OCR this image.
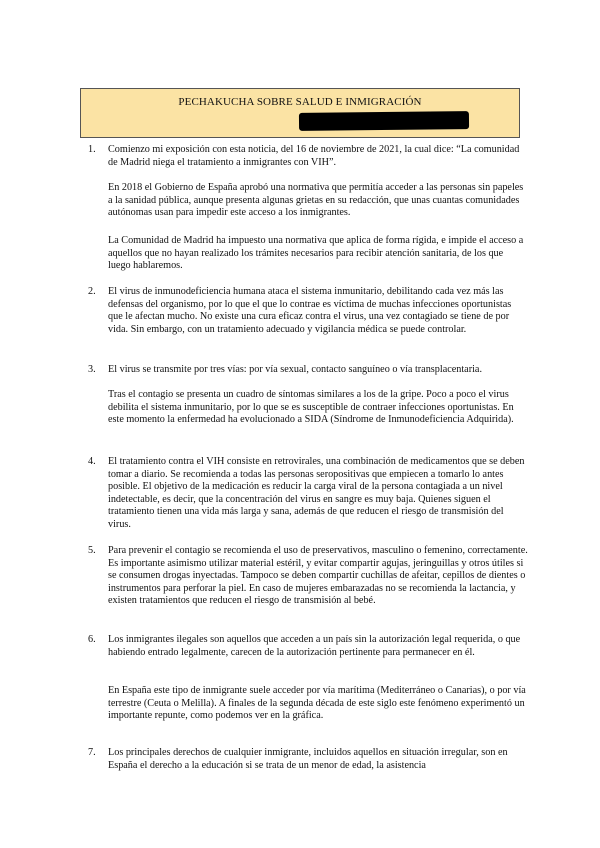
PECHAKUCHA SOBRE SALUD E INMIGRACIÓN
1. Comienzo mi exposición con esta noticia, del 16 de noviembre de 2021, la cual dice: “La comunidad de Madrid niega el tratamiento a inmigrantes con VIH”.

En 2018 el Gobierno de España aprobó una normativa que permitía acceder a las personas sin papeles a la sanidad pública, aunque presenta algunas grietas en su redacción, que unas cuantas comunidades autónomas usan para impedir este acceso a los inmigrantes.

La Comunidad de Madrid ha impuesto una normativa que aplica de forma rígida, e impide el acceso a aquellos que no hayan realizado los trámites necesarios para recibir atención sanitaria, de los que luego hablaremos.

2. El virus de inmunodeficiencia humana ataca el sistema inmunitario, debilitando cada vez más las defensas del organismo, por lo que el que lo contrae es víctima de muchas infecciones oportunistas que le afectan mucho. No existe una cura eficaz contra el virus, una vez contagiado se tiene de por vida. Sin embargo, con un tratamiento adecuado y vigilancia médica se puede controlar.

3. El virus se transmite por tres vías: por vía sexual, contacto sanguíneo o vía transplacentaria.

Tras el contagio se presenta un cuadro de síntomas similares a los de la gripe. Poco a poco el virus debilita el sistema inmunitario, por lo que se es susceptible de contraer infecciones oportunistas. En este momento la enfermedad ha evolucionado a SIDA (Síndrome de Inmunodeficiencia Adquirida).

4. El tratamiento contra el VIH consiste en retrovirales, una combinación de medicamentos que se deben tomar a diario. Se recomienda a todas las personas seropositivas que empiecen a tomarlo lo antes posible. El objetivo de la medicación es reducir la carga viral de la persona contagiada a un nivel indetectable, es decir, que la concentración del virus en sangre es muy baja. Quienes siguen el tratamiento tienen una vida más larga y sana, además de que reducen el riesgo de transmisión del virus.

5. Para prevenir el contagio se recomienda el uso de preservativos, masculino o femenino, correctamente. Es importante asimismo utilizar material estéril, y evitar compartir agujas, jeringuillas y otros útiles si se consumen drogas inyectadas. Tampoco se deben compartir cuchillas de afeitar, cepillos de dientes o instrumentos para perforar la piel. En caso de mujeres embarazadas no se recomienda la lactancia, y existen tratamientos que reducen el riesgo de transmisión al bebé.

6. Los inmigrantes ilegales son aquellos que acceden a un país sin la autorización legal requerida, o que habiendo entrado legalmente, carecen de la autorización pertinente para permanecer en él.

En España este tipo de inmigrante suele acceder por vía marítima (Mediterráneo o Canarias), o por vía terrestre (Ceuta o Melilla). A finales de la segunda década de este siglo este fenómeno experimentó un importante repunte, como podemos ver en la gráfica.

7. Los principales derechos de cualquier inmigrante, incluidos aquellos en situación irregular, son en España el derecho a la educación si se trata de un menor de edad, la asistencia
